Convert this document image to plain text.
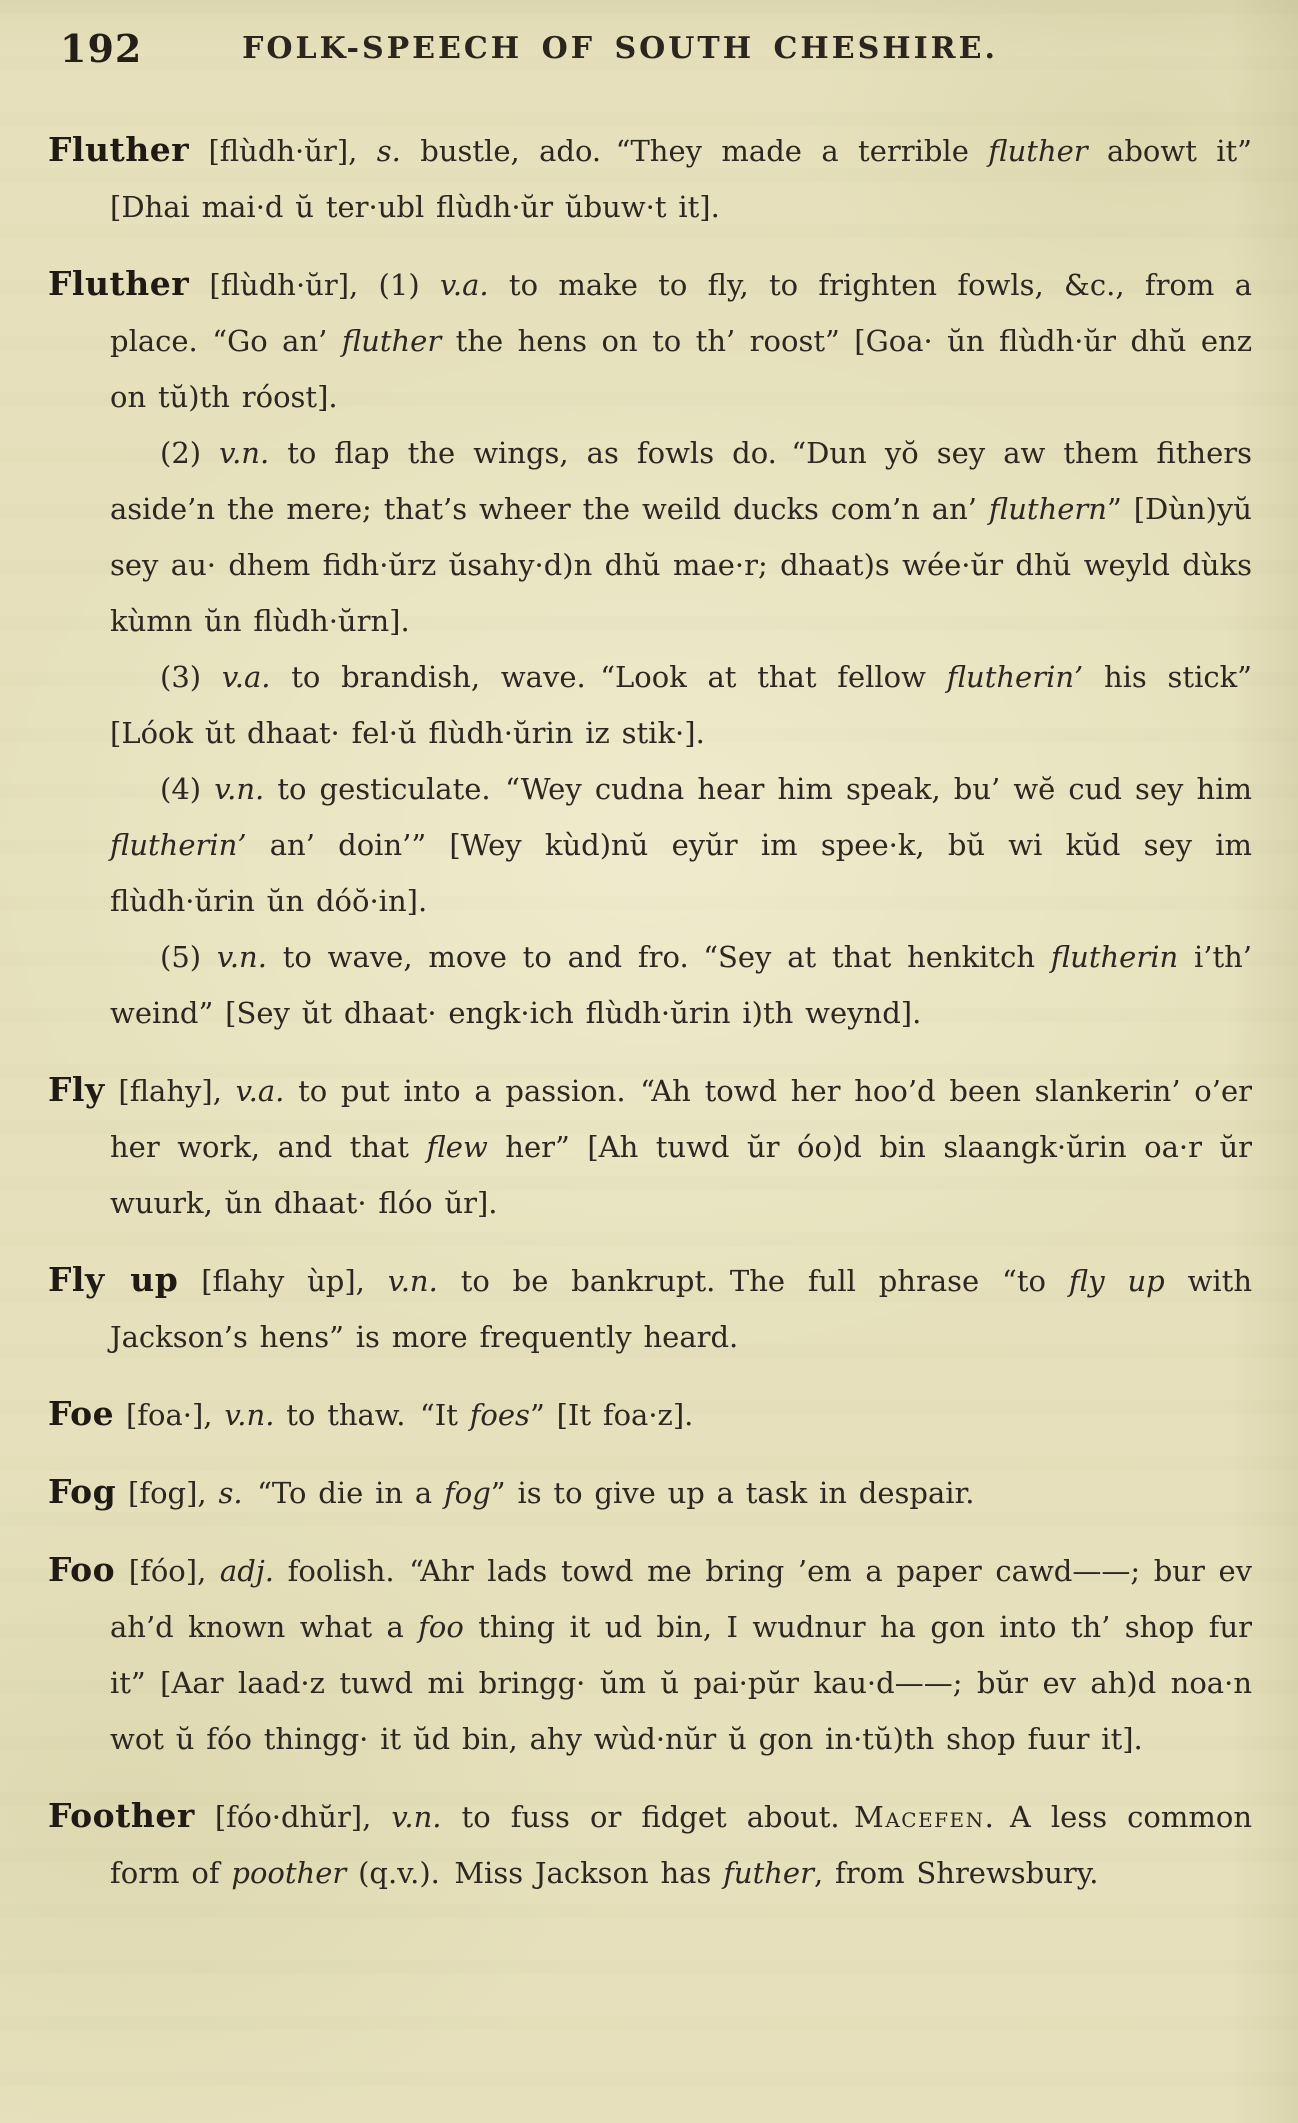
192	FOLK-SPEECH OF SOUTH CHESHIRE.

Fluther [flùdh·ŭr], s. bustle, ado. “They made a terrible fluther abowt it” [Dhai mai·d ŭ ter·ubl flùdh·ŭr ŭbuw·t it].

Fluther [flùdh·ŭr], (1) v.a. to make to fly, to frighten fowls, &c., from a place. “Go an’ fluther the hens on to th’ roost” [Goa· ŭn flùdh·ŭr dhŭ enz on tŭ)th róost].

(2) v.n. to flap the wings, as fowls do. “Dun yŏ sey aw them fithers aside’n the mere; that’s wheer the weild ducks com’n an’ fluthern” [Dùn)yŭ sey au· dhem fidh·ŭrz ŭsahy·d)n dhŭ mae·r; dhaat)s wée·ŭr dhŭ weyld dùks kùmn ŭn flùdh·ŭrn].

(3) v.a. to brandish, wave. “Look at that fellow flutherin’ his stick” [Lóok ŭt dhaat· fel·ŭ flùdh·ŭrin iz stik·].

(4) v.n. to gesticulate. “Wey cudna hear him speak, bu’ wĕ cud sey him flutherin’ an’ doin’” [Wey kùd)nŭ eyŭr im spee·k, bŭ wi kŭd sey im flùdh·ŭrin ŭn dóŏ·in].

(5) v.n. to wave, move to and fro. “Sey at that henkitch flutherin i’th’ weind” [Sey ŭt dhaat· engk·ich flùdh·ŭrin i)th weynd].

Fly [flahy], v.a. to put into a passion. “Ah towd her hoo’d been slankerin’ o’er her work, and that flew her” [Ah tuwd ŭr óo)d bin slaangk·ŭrin oa·r ŭr wuurk, ŭn dhaat· flóo ŭr].

Fly up [flahy ùp], v.n. to be bankrupt. The full phrase “to fly up with Jackson’s hens” is more frequently heard.

Foe [foa·], v.n. to thaw. “It foes” [It foa·z].

Fog [fog], s. “To die in a fog” is to give up a task in despair.

Foo [fóo], adj. foolish. “Ahr lads towd me bring ’em a paper cawd——; bur ev ah’d known what a foo thing it ud bin, I wudnur ha gon into th’ shop fur it” [Aar laad·z tuwd mi bringg· ŭm ŭ pai·pŭr kau·d——; bŭr ev ah)d noa·n wot ŭ fóo thingg· it ŭd bin, ahy wùd·nŭr ŭ gon in·tŭ)th shop fuur it].

Foother [fóo·dhŭr], v.n. to fuss or fidget about. Macefen. A less common form of poother (q.v.). Miss Jackson has futher, from Shrewsbury.
